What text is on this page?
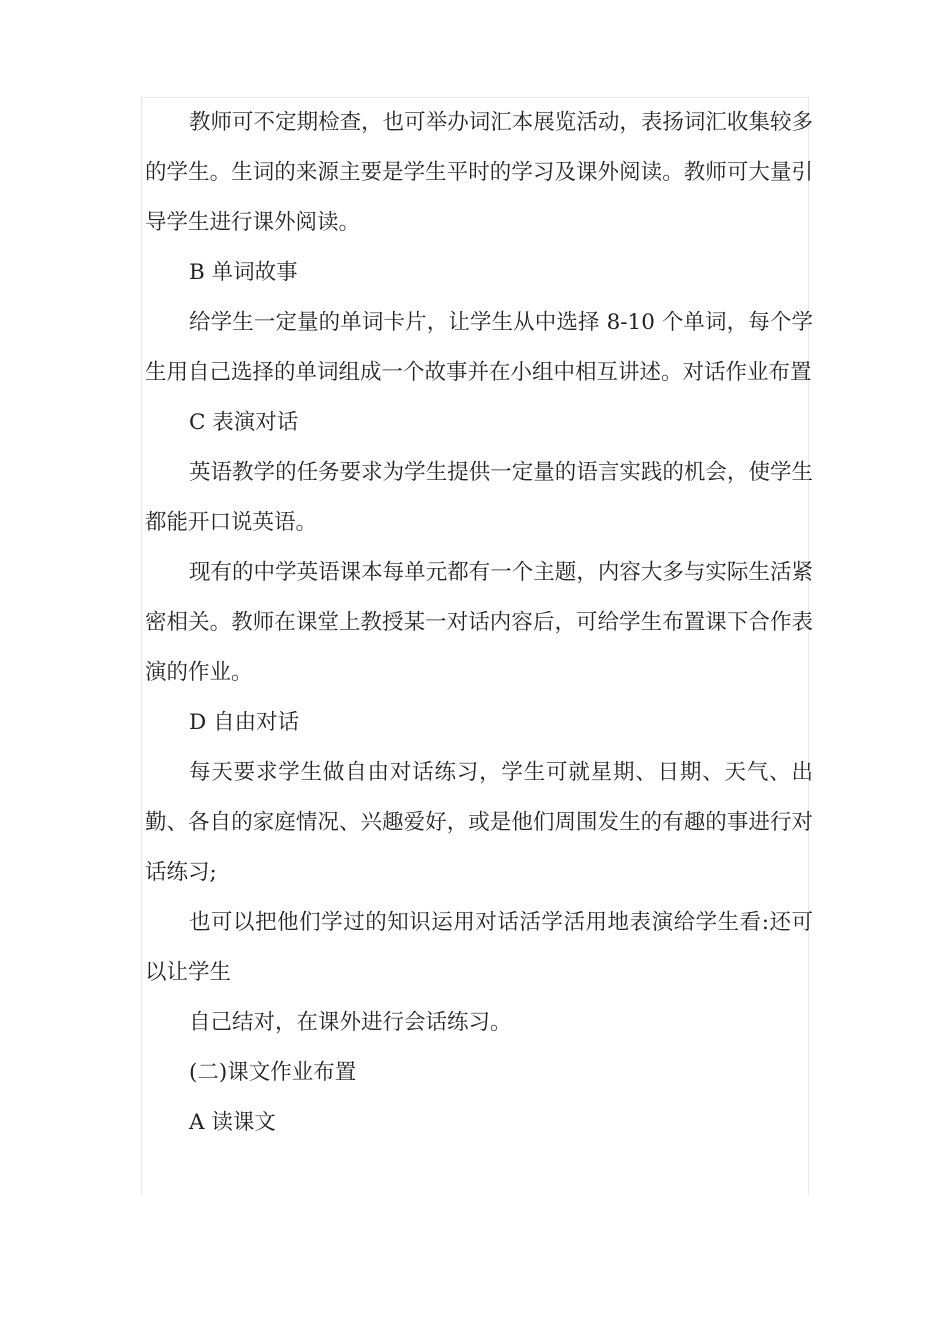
教师可不定期检查，也可举办词汇本展览活动，表扬词汇收集较多的学生。生词的来源主要是学生平时的学习及课外阅读。教师可大量引导学生进行课外阅读。

B 单词故事

给学生一定量的单词卡片，让学生从中选择 8-10 个单词，每个学生用自己选择的单词组成一个故事并在小组中相互讲述。对话作业布置

C 表演对话

英语教学的任务要求为学生提供一定量的语言实践的机会，使学生都能开口说英语。

现有的中学英语课本每单元都有一个主题，内容大多与实际生活紧密相关。教师在课堂上教授某一对话内容后，可给学生布置课下合作表演的作业。

D 自由对话

每天要求学生做自由对话练习，学生可就星期、日期、天气、出勤、各自的家庭情况、兴趣爱好，或是他们周围发生的有趣的事进行对话练习;

也可以把他们学过的知识运用对话活学活用地表演给学生看:还可以让学生

自己结对，在课外进行会话练习。

(二)课文作业布置

A 读课文
